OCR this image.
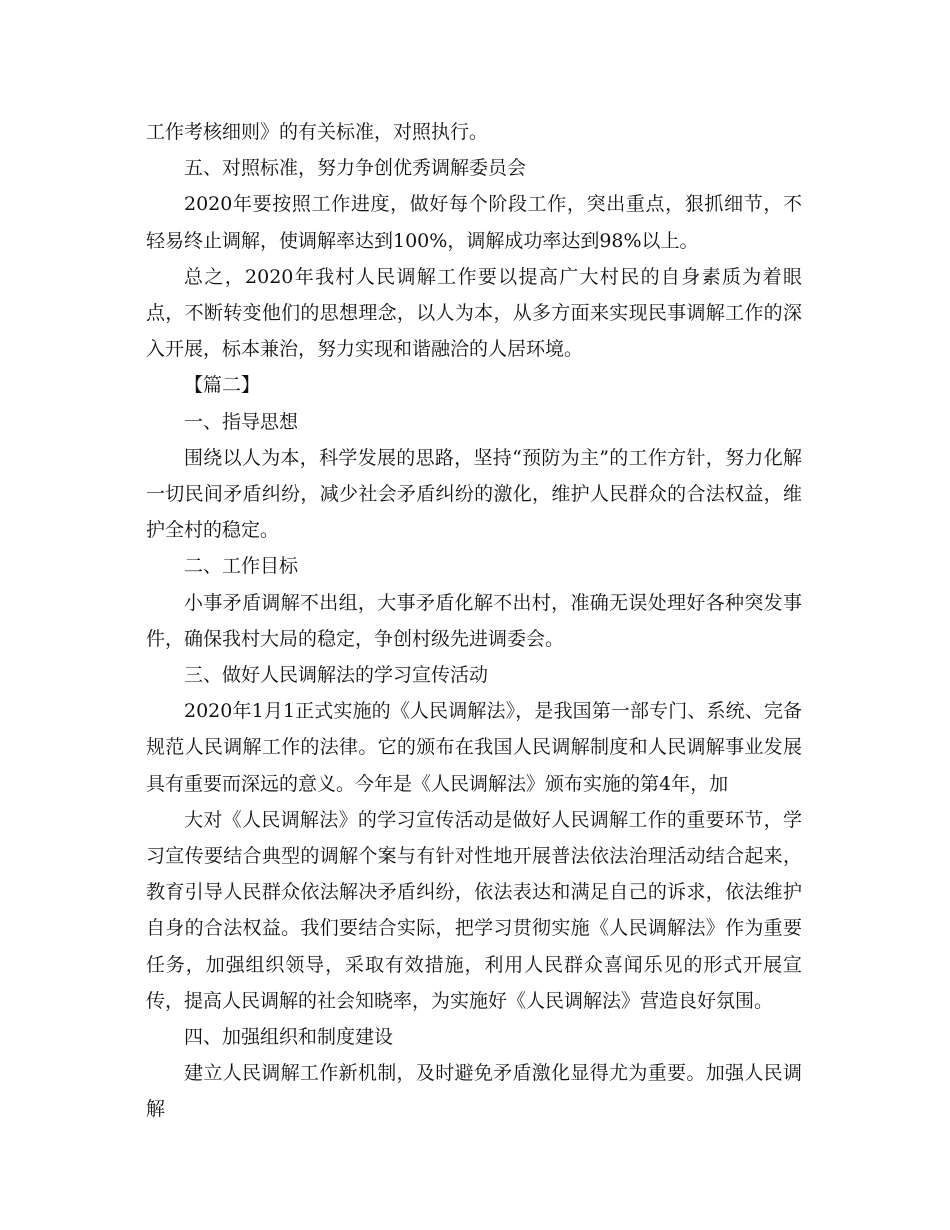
工作考核细则》的有关标准，对照执行。

五、对照标准，努力争创优秀调解委员会

2020年要按照工作进度，做好每个阶段工作，突出重点，狠抓细节，不轻易终止调解，使调解率达到100%，调解成功率达到98%以上。

总之，2020年我村人民调解工作要以提高广大村民的自身素质为着眼点，不断转变他们的思想理念，以人为本，从多方面来实现民事调解工作的深入开展，标本兼治，努力实现和谐融洽的人居环境。

【篇二】

一、指导思想

围绕以人为本，科学发展的思路，坚持“预防为主”的工作方针，努力化解一切民间矛盾纠纷，减少社会矛盾纠纷的激化，维护人民群众的合法权益，维护全村的稳定。

二、工作目标

小事矛盾调解不出组，大事矛盾化解不出村，准确无误处理好各种突发事件，确保我村大局的稳定，争创村级先进调委会。

三、做好人民调解法的学习宣传活动

2020年1月1正式实施的《人民调解法》，是我国第一部专门、系统、完备规范人民调解工作的法律。它的颁布在我国人民调解制度和人民调解事业发展具有重要而深远的意义。今年是《人民调解法》颁布实施的第4年，加

大对《人民调解法》的学习宣传活动是做好人民调解工作的重要环节，学习宣传要结合典型的调解个案与有针对性地开展普法依法治理活动结合起来，教育引导人民群众依法解决矛盾纠纷，依法表达和满足自己的诉求，依法维护自身的合法权益。我们要结合实际，把学习贯彻实施《人民调解法》作为重要任务，加强组织领导，采取有效措施，利用人民群众喜闻乐见的形式开展宣传，提高人民调解的社会知晓率，为实施好《人民调解法》营造良好氛围。

四、加强组织和制度建设

建立人民调解工作新机制，及时避免矛盾激化显得尤为重要。加强人民调解
